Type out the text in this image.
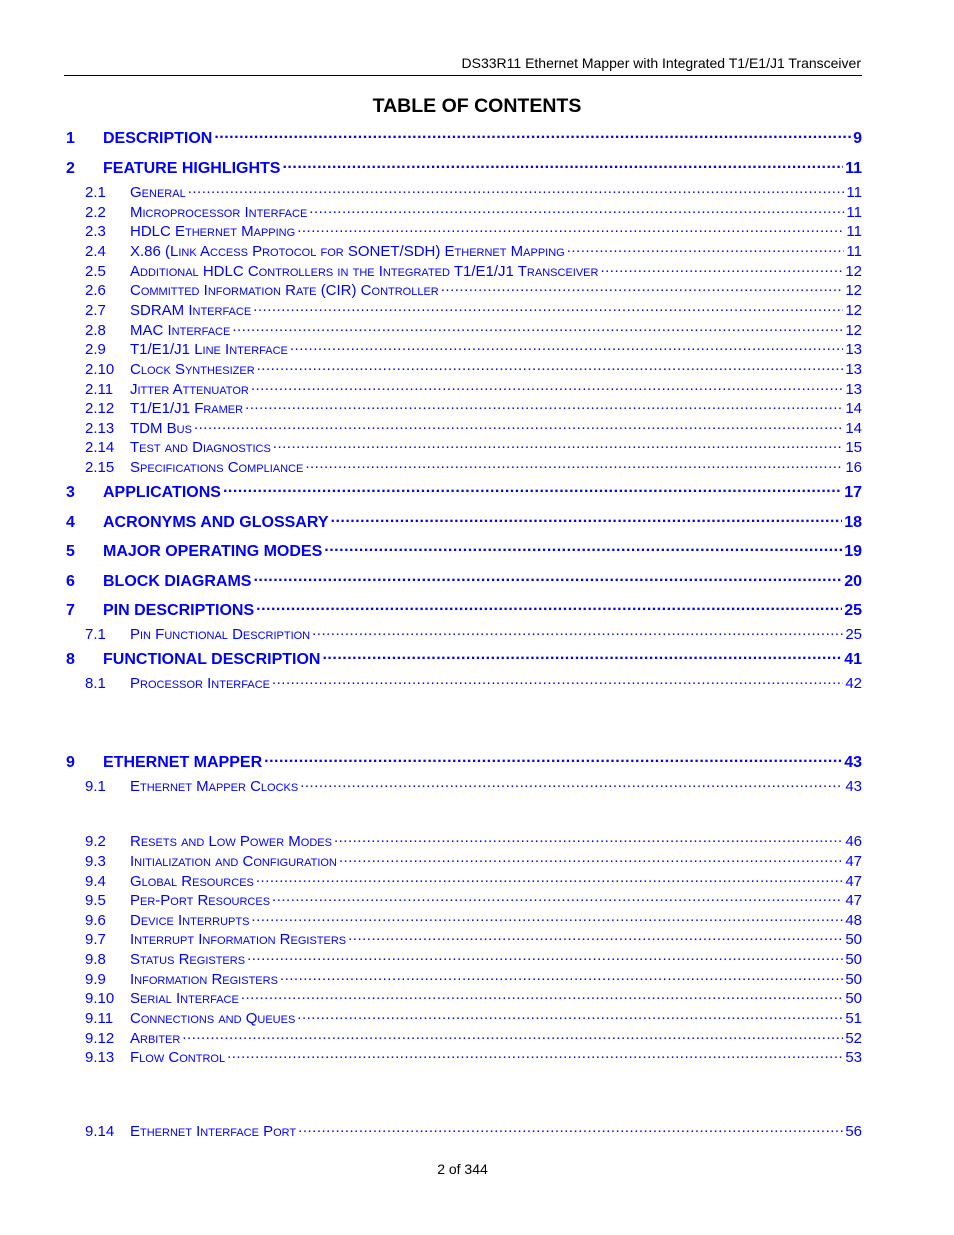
DS33R11 Ethernet Mapper with Integrated T1/E1/J1 Transceiver
TABLE OF CONTENTS
1	DESCRIPTION .....	9
2	FEATURE HIGHLIGHTS .....	11
2.1	General .....	11
2.2	Microprocessor Interface .....	11
2.3	HDLC Ethernet Mapping .....	11
2.4	X.86 (Link Access Protocol for SONET/SDH) Ethernet Mapping .....	11
2.5	Additional HDLC Controllers in the Integrated T1/E1/J1 Transceiver .....	12
2.6	Committed Information Rate (CIR) Controller .....	12
2.7	SDRAM Interface .....	12
2.8	MAC Interface .....	12
2.9	T1/E1/J1 Line Interface .....	13
2.10	Clock Synthesizer .....	13
2.11	Jitter Attenuator .....	13
2.12	T1/E1/J1 Framer .....	14
2.13	TDM Bus .....	14
2.14	Test and Diagnostics .....	15
2.15	Specifications Compliance .....	16
3	APPLICATIONS .....	17
4	ACRONYMS AND GLOSSARY .....	18
5	MAJOR OPERATING MODES .....	19
6	BLOCK DIAGRAMS .....	20
7	PIN DESCRIPTIONS .....	25
7.1	Pin Functional Description .....	25
8	FUNCTIONAL DESCRIPTION .....	41
8.1	Processor Interface .....	42
9	ETHERNET MAPPER .....	43
9.1	Ethernet Mapper Clocks .....	43
9.2	Resets and Low Power Modes .....	46
9.3	Initialization and Configuration .....	47
9.4	Global Resources .....	47
9.5	Per-Port Resources .....	47
9.6	Device Interrupts .....	48
9.7	Interrupt Information Registers .....	50
9.8	Status Registers .....	50
9.9	Information Registers .....	50
9.10	Serial Interface .....	50
9.11	Connections and Queues .....	51
9.12	Arbiter .....	52
9.13	Flow Control .....	53
9.14	Ethernet Interface Port .....	56
2 of 344
